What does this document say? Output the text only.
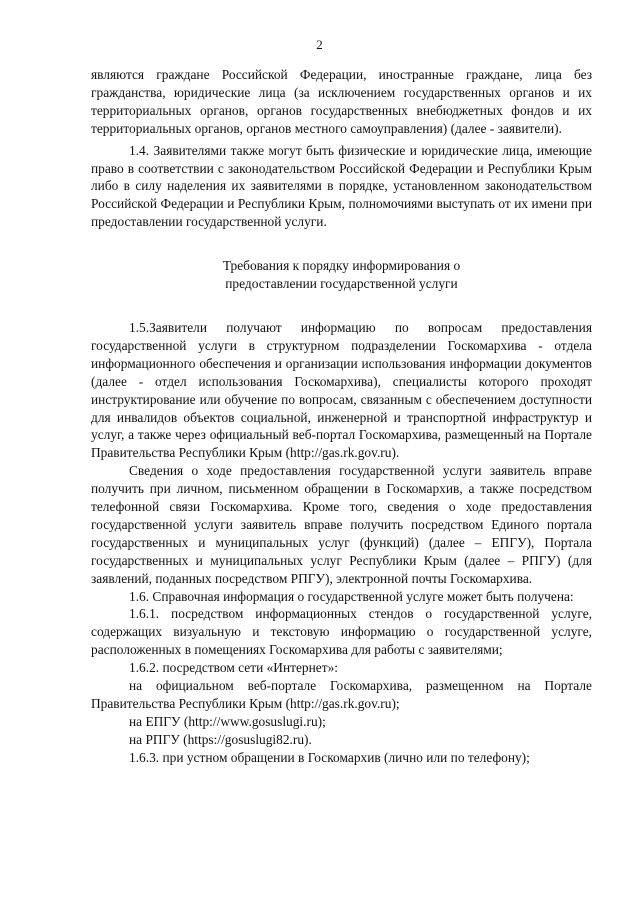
2

являются граждане Российской Федерации, иностранные граждане, лица без гражданства, юридические лица (за исключением государственных органов и их территориальных органов, органов государственных внебюджетных фондов и их территориальных органов, органов местного самоуправления) (далее - заявители).

1.4. Заявителями также могут быть физические и юридические лица, имеющие право в соответствии с законодательством Российской Федерации и Республики Крым либо в силу наделения их заявителями в порядке, установленном законодательством Российской Федерации и Республики Крым, полномочиями выступать от их имени при предоставлении государственной услуги.

Требования к порядку информирования о
предоставлении государственной услуги

1.5.Заявители получают информацию по вопросам предоставления государственной услуги в структурном подразделении Госкомархива - отдела информационного обеспечения и организации использования информации документов (далее - отдел использования Госкомархива), специалисты которого проходят инструктирование или обучение по вопросам, связанным с обеспечением доступности для инвалидов объектов социальной, инженерной и транспортной инфраструктур и услуг, а также через официальный веб-портал Госкомархива, размещенный на Портале Правительства Республики Крым (http://gas.rk.gov.ru).

Сведения о ходе предоставления государственной услуги заявитель вправе получить при личном, письменном обращении в Госкомархив, а также посредством телефонной связи Госкомархива. Кроме того, сведения о ходе предоставления государственной услуги заявитель вправе получить посредством Единого портала государственных и муниципальных услуг (функций) (далее – ЕПГУ), Портала государственных и муниципальных услуг Республики Крым (далее – РПГУ) (для заявлений, поданных посредством РПГУ), электронной почты Госкомархива.

1.6. Справочная информация о государственной услуге может быть получена:

1.6.1. посредством информационных стендов о государственной услуге, содержащих визуальную и текстовую информацию о государственной услуге, расположенных в помещениях Госкомархива для работы с заявителями;

1.6.2. посредством сети «Интернет»:

на официальном веб-портале Госкомархива, размещенном на Портале Правительства Республики Крым (http://gas.rk.gov.ru);

на ЕПГУ (http://www.gosuslugi.ru);

на РПГУ (https://gosuslugi82.ru).

1.6.3. при устном обращении в Госкомархив (лично или по телефону);
